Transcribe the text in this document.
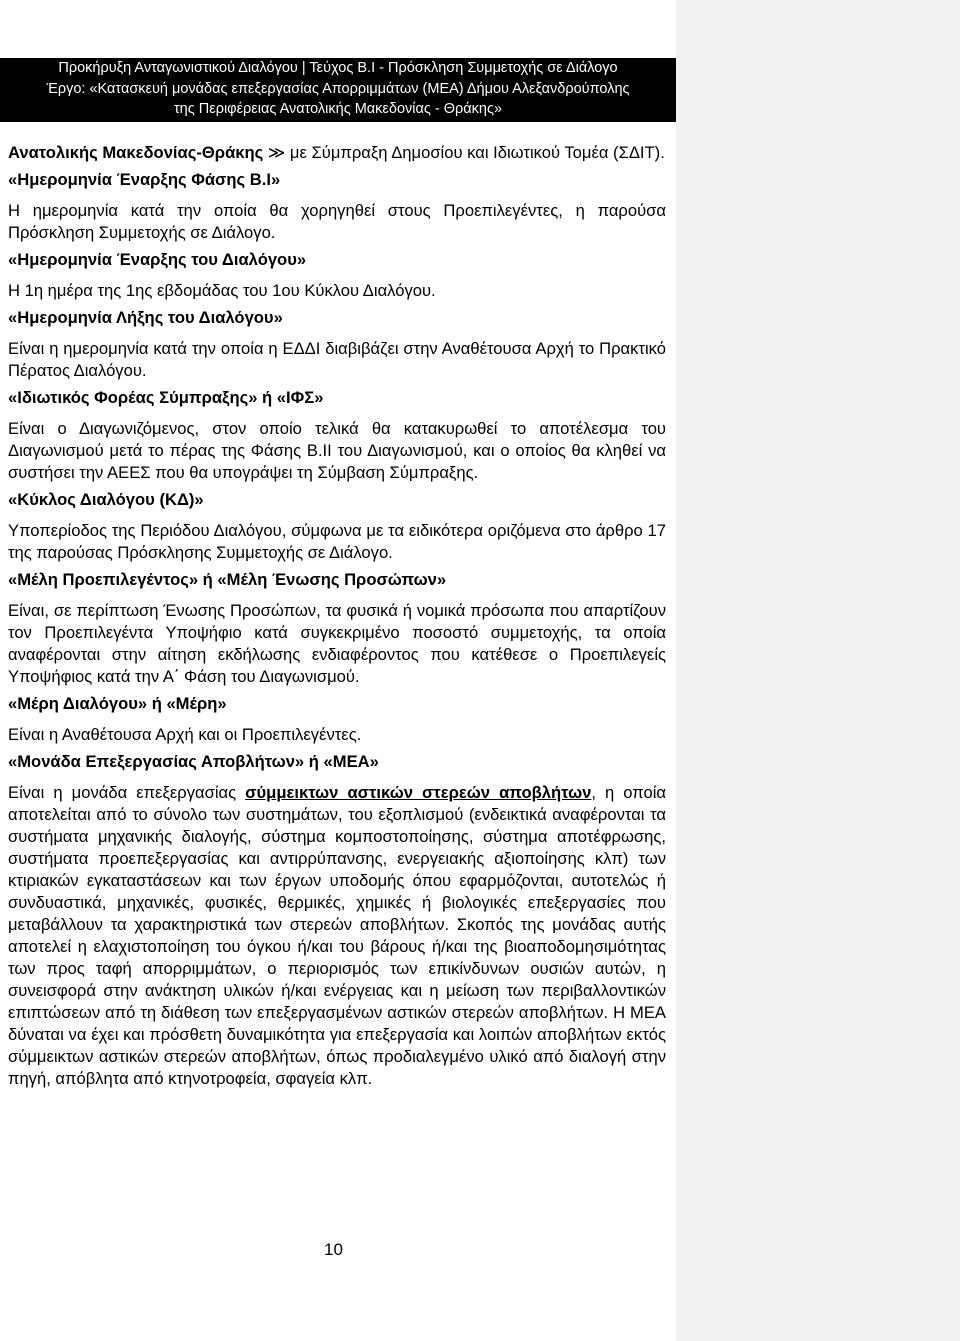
Προκήρυξη Ανταγωνιστικού Διαλόγου | Τεύχος Β.Ι - Πρόσκληση Συμμετοχής σε Διάλογο
Έργο: «Κατασκευή μονάδας επεξεργασίας Απορριμμάτων (ΜΕΑ) Δήμου Αλεξανδρούπολης
της Περιφέρειας Ανατολικής Μακεδονίας - Θράκης»

Ανατολικής Μακεδονίας-Θράκης ≫ με Σύμπραξη Δημοσίου και Ιδιωτικού Τομέα (ΣΔΙΤ).

«Ημερομηνία Έναρξης Φάσης Β.Ι»

Η ημερομηνία κατά την οποία θα χορηγηθεί στους Προεπιλεγέντες, η παρούσα Πρόσκληση Συμμετοχής σε Διάλογο.

«Ημερομηνία Έναρξης του Διαλόγου»

Η 1η ημέρα της 1ης εβδομάδας του 1ου Κύκλου Διαλόγου.

«Ημερομηνία Λήξης του Διαλόγου»

Είναι η ημερομηνία κατά την οποία η ΕΔΔΙ διαβιβάζει στην Αναθέτουσα Αρχή το Πρακτικό Πέρατος Διαλόγου.

«Ιδιωτικός Φορέας Σύμπραξης» ή «ΙΦΣ»

Είναι ο Διαγωνιζόμενος, στον οποίο τελικά θα κατακυρωθεί το αποτέλεσμα του Διαγωνισμού μετά το πέρας της Φάσης Β.ΙΙ του Διαγωνισμού, και ο οποίος θα κληθεί να συστήσει την ΑΕΕΣ που θα υπογράψει τη Σύμβαση Σύμπραξης.

«Κύκλος Διαλόγου (ΚΔ)»

Υποπερίοδος της Περιόδου Διαλόγου, σύμφωνα με τα ειδικότερα οριζόμενα στο άρθρο 17 της παρούσας Πρόσκλησης Συμμετοχής σε Διάλογο.

«Μέλη Προεπιλεγέντος» ή «Μέλη Ένωσης Προσώπων»

Είναι, σε περίπτωση Ένωσης Προσώπων, τα φυσικά ή νομικά πρόσωπα που απαρτίζουν τον Προεπιλεγέντα Υποψήφιο κατά συγκεκριμένο ποσοστό συμμετοχής, τα οποία αναφέρονται στην αίτηση εκδήλωσης ενδιαφέροντος που κατέθεσε ο Προεπιλεγείς Υποψήφιος κατά την Α΄ Φάση του Διαγωνισμού.

«Μέρη Διαλόγου» ή «Μέρη»

Είναι η Αναθέτουσα Αρχή και οι Προεπιλεγέντες.

«Μονάδα Επεξεργασίας Αποβλήτων» ή «ΜΕΑ»

Είναι η μονάδα επεξεργασίας σύμμεικτων αστικών στερεών αποβλήτων, η οποία αποτελείται από το σύνολο των συστημάτων, του εξοπλισμού (ενδεικτικά αναφέρονται τα συστήματα μηχανικής διαλογής, σύστημα κομποστοποίησης, σύστημα αποτέφρωσης, συστήματα προεπεξεργασίας και αντιρρύπανσης, ενεργειακής αξιοποίησης κλπ) των κτιριακών εγκαταστάσεων και των έργων υποδομής όπου εφαρμόζονται, αυτοτελώς ή συνδυαστικά, μηχανικές, φυσικές, θερμικές, χημικές ή βιολογικές επεξεργασίες που μεταβάλλουν τα χαρακτηριστικά των στερεών αποβλήτων. Σκοπός της μονάδας αυτής αποτελεί η ελαχιστοποίηση του όγκου ή/και του βάρους ή/και της βιοαποδομησιμότητας των προς ταφή απορριμμάτων, ο περιορισμός των επικίνδυνων ουσιών αυτών, η συνεισφορά στην ανάκτηση υλικών ή/και ενέργειας και η μείωση των περιβαλλοντικών επιπτώσεων από τη διάθεση των επεξεργασμένων αστικών στερεών αποβλήτων. Η ΜΕΑ δύναται να έχει και πρόσθετη δυναμικότητα για επεξεργασία και λοιπών αποβλήτων εκτός σύμμεικτων αστικών στερεών αποβλήτων, όπως προδιαλεγμένο υλικό από διαλογή στην πηγή, απόβλητα από κτηνοτροφεία, σφαγεία κλπ.

10
